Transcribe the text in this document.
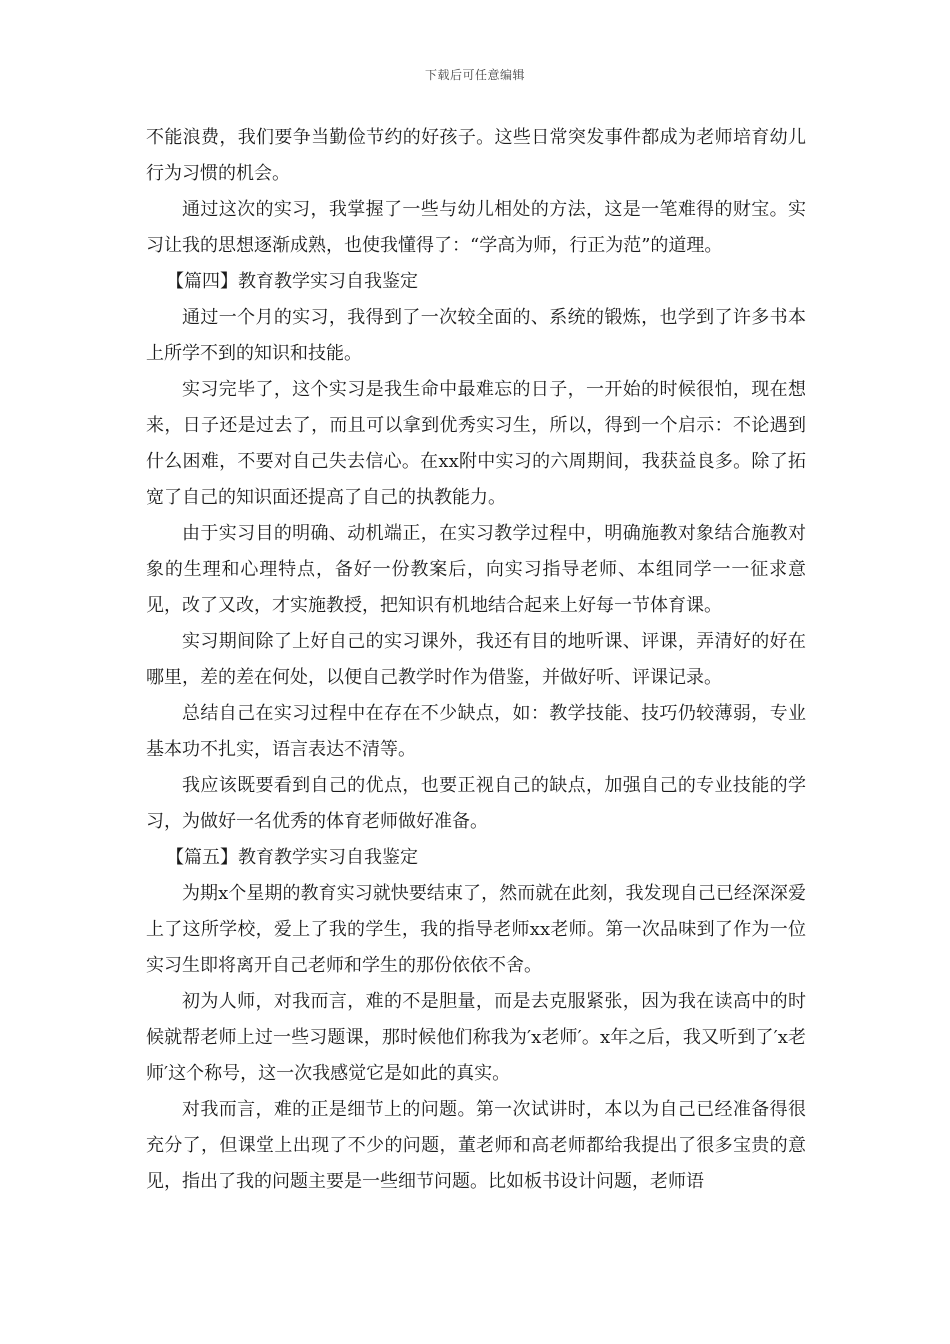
下载后可任意编辑

不能浪费，我们要争当勤俭节约的好孩子。这些日常突发事件都成为老师培育幼儿行为习惯的机会。

通过这次的实习，我掌握了一些与幼儿相处的方法，这是一笔难得的财宝。实习让我的思想逐渐成熟，也使我懂得了：“学高为师，行正为范”的道理。

【篇四】教育教学实习自我鉴定

通过一个月的实习，我得到了一次较全面的、系统的锻炼，也学到了许多书本上所学不到的知识和技能。

实习完毕了，这个实习是我生命中最难忘的日子，一开始的时候很怕，现在想来，日子还是过去了，而且可以拿到优秀实习生，所以，得到一个启示：不论遇到什么困难，不要对自己失去信心。在xx附中实习的六周期间，我获益良多。除了拓宽了自己的知识面还提高了自己的执教能力。

由于实习目的明确、动机端正，在实习教学过程中，明确施教对象结合施教对象的生理和心理特点，备好一份教案后，向实习指导老师、本组同学一一征求意见，改了又改，才实施教授，把知识有机地结合起来上好每一节体育课。

实习期间除了上好自己的实习课外，我还有目的地听课、评课，弄清好的好在哪里，差的差在何处，以便自己教学时作为借鉴，并做好听、评课记录。

总结自己在实习过程中在存在不少缺点，如：教学技能、技巧仍较薄弱，专业基本功不扎实，语言表达不清等。

我应该既要看到自己的优点，也要正视自己的缺点，加强自己的专业技能的学习，为做好一名优秀的体育老师做好准备。

【篇五】教育教学实习自我鉴定

为期x个星期的教育实习就快要结束了，然而就在此刻，我发现自己已经深深爱上了这所学校，爱上了我的学生，我的指导老师xx老师。第一次品味到了作为一位实习生即将离开自己老师和学生的那份依依不舍。

初为人师，对我而言，难的不是胆量，而是去克服紧张，因为我在读高中的时候就帮老师上过一些习题课，那时候他们称我为′x老师′。x年之后，我又听到了′x老师′这个称号，这一次我感觉它是如此的真实。

对我而言，难的正是细节上的问题。第一次试讲时，本以为自己已经准备得很充分了，但课堂上出现了不少的问题，董老师和高老师都给我提出了很多宝贵的意见，指出了我的问题主要是一些细节问题。比如板书设计问题，老师语
